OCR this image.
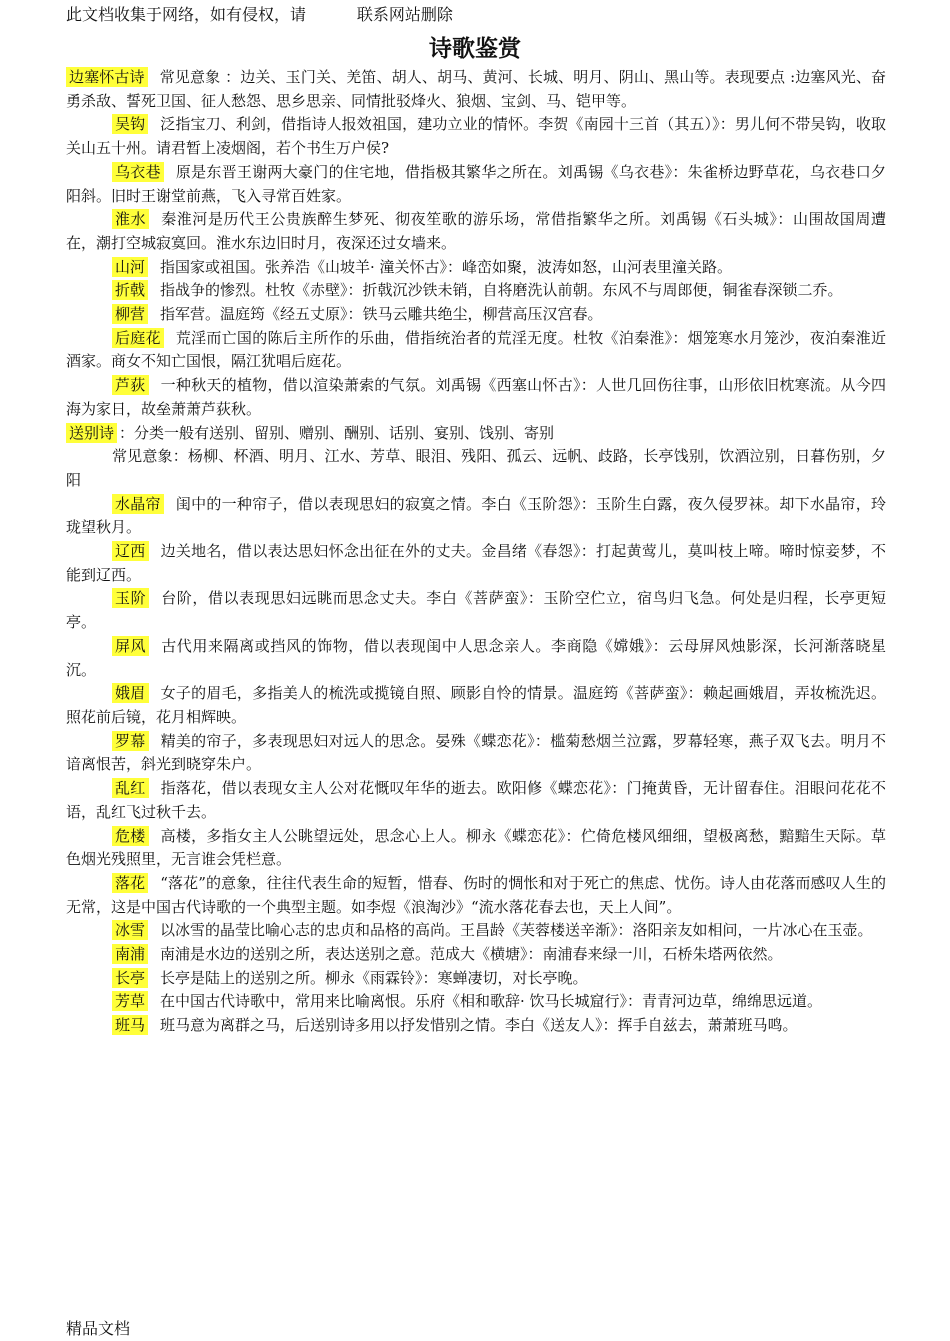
此文档收集于网络，如有侵权，请          联系网站删除
诗歌鉴赏

边塞怀古诗 常见意象 ：边关、玉门关、羌笛、胡人、胡马、黄河、长城、明月、阴山、黑山等。表现要点 :边塞风光、奋勇杀敌、誓死卫国、征人愁怨、思乡思亲、同情批驳烽火、狼烟、宝剑、马、铠甲等。

吴钩 泛指宝刀、利剑，借指诗人报效祖国，建功立业的情怀。李贺《南园十三首（其五）》：男儿何不带吴钩，收取关山五十州。请君暂上凌烟阁，若个书生万户侯?

乌衣巷 原是东晋王谢两大豪门的住宅地，借指极其繁华之所在。刘禹锡《乌衣巷》：朱雀桥边野草花，乌衣巷口夕阳斜。旧时王谢堂前燕，飞入寻常百姓家。

淮水 秦淮河是历代王公贵族醉生梦死、彻夜笙歌的游乐场，常借指繁华之所。刘禹锡《石头城》：山围故国周遭在，潮打空城寂寞回。淮水东边旧时月，夜深还过女墙来。

山河 指国家或祖国。张养浩《山坡羊· 潼关怀古》：峰峦如聚，波涛如怒，山河表里潼关路。

折戟 指战争的惨烈。杜牧《赤壁》：折戟沉沙铁未销，自将磨洗认前朝。东风不与周郎便，铜雀春深锁二乔。

柳营 指军营。温庭筠《经五丈原》：铁马云雕共绝尘，柳营高压汉宫春。

后庭花 荒淫而亡国的陈后主所作的乐曲，借指统治者的荒淫无度。杜牧《泊秦淮》：烟笼寒水月笼沙，夜泊秦淮近酒家。商女不知亡国恨，隔江犹唱后庭花。

芦荻 一种秋天的植物，借以渲染萧索的气氛。刘禹锡《西塞山怀古》：人世几回伤往事，山形依旧枕寒流。从今四海为家日，故垒萧萧芦荻秋。

送别诗 ：分类一般有送别、留别、赠别、酬别、话别、宴别、饯别、寄别

常见意象：杨柳、杯酒、明月、江水、芳草、眼泪、残阳、孤云、远帆、歧路，长亭饯别，饮酒泣别，日暮伤别，夕阳

水晶帘 闺中的一种帘子，借以表现思妇的寂寞之情。李白《玉阶怨》：玉阶生白露，夜久侵罗袜。却下水晶帘，玲珑望秋月。

辽西 边关地名，借以表达思妇怀念出征在外的丈夫。金昌绪《春怨》：打起黄莺儿，莫叫枝上啼。啼时惊妾梦，不能到辽西。

玉阶 台阶，借以表现思妇远眺而思念丈夫。李白《菩萨蛮》：玉阶空伫立，宿鸟归飞急。何处是归程，长亭更短亭。

屏风 古代用来隔离或挡风的饰物，借以表现闺中人思念亲人。李商隐《嫦娥》：云母屏风烛影深，长河渐落晓星沉。

娥眉 女子的眉毛，多指美人的梳洗或揽镜自照、顾影自怜的情景。温庭筠《菩萨蛮》：赖起画娥眉，弄妆梳洗迟。照花前后镜，花月相辉映。

罗幕 精美的帘子，多表现思妇对远人的思念。晏殊《蝶恋花》：槛菊愁烟兰泣露，罗幕轻寒，燕子双飞去。明月不谙离恨苦，斜光到晓穿朱户。

乱红 指落花，借以表现女主人公对花慨叹年华的逝去。欧阳修《蝶恋花》：门掩黄昏，无计留春住。泪眼问花花不语，乱红飞过秋千去。

危楼 高楼，多指女主人公眺望远处，思念心上人。柳永《蝶恋花》：伫倚危楼风细细，望极离愁，黯黯生天际。草色烟光残照里，无言谁会凭栏意。

落花 “落花”的意象，往往代表生命的短暂，惜春、伤时的惆怅和对于死亡的焦虑、忧伤。诗人由花落而感叹人生的无常，这是中国古代诗歌的一个典型主题。如李煜《浪淘沙》“流水落花春去也，天上人间”。

冰雪 以冰雪的晶莹比喻心志的忠贞和品格的高尚。王昌龄《芙蓉楼送辛渐》：洛阳亲友如相问，一片冰心在玉壶。

南浦 南浦是水边的送别之所，表达送别之意。范成大《横塘》：南浦春来绿一川，石桥朱塔两依然。

长亭 长亭是陆上的送别之所。柳永《雨霖铃》：寒蝉凄切，对长亭晚。

芳草 在中国古代诗歌中，常用来比喻离恨。乐府《相和歌辞· 饮马长城窟行》：青青河边草，绵绵思远道。

班马 班马意为离群之马，后送别诗多用以抒发惜别之情。李白《送友人》：挥手自兹去，萧萧班马鸣。

精品文档
